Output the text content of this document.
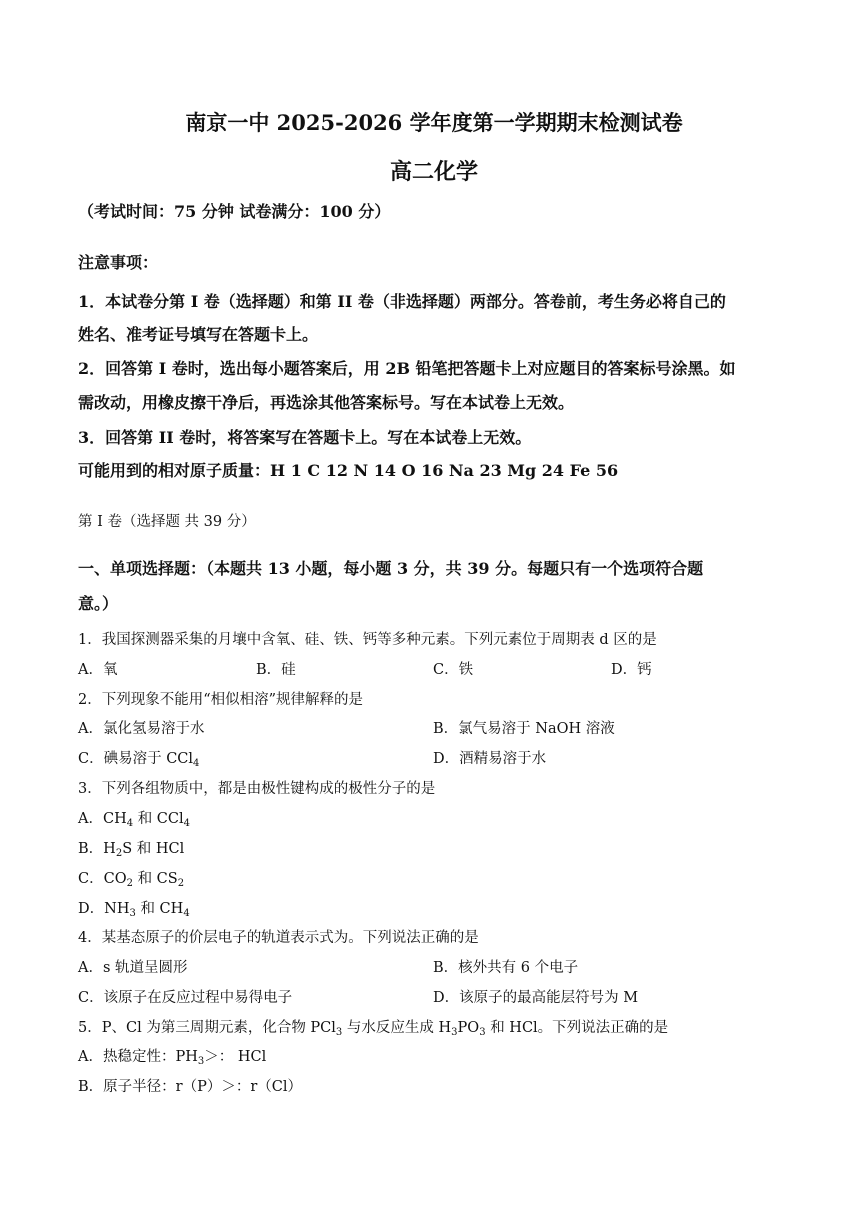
南京一中 2025-2026 学年度第一学期期末检测试卷
高二化学
（考试时间：75 分钟 试卷满分：100 分）
注意事项：
1．本试卷分第 I 卷（选择题）和第 II 卷（非选择题）两部分。答卷前，考生务必将自己的
姓名、准考证号填写在答题卡上。
2．回答第 I 卷时，选出每小题答案后，用 2B 铅笔把答题卡上对应题目的答案标号涂黑。如
需改动，用橡皮擦干净后，再选涂其他答案标号。写在本试卷上无效。
3．回答第 II 卷时，将答案写在答题卡上。写在本试卷上无效。
可能用到的相对原子质量：H 1 C 12 N 14 O 16 Na 23 Mg 24 Fe 56
第 I 卷（选择题 共 39 分）
一、单项选择题：（本题共 13 小题，每小题 3 分，共 39 分。每题只有一个选项符合题
意。）
1．我国探测器采集的月壤中含氧、硅、铁、钙等多种元素。下列元素位于周期表 d 区的是
A．氧	B．硅	C．铁	D．钙
2．下列现象不能用“相似相溶”规律解释的是
A．氯化氢易溶于水	B．氯气易溶于 NaOH 溶液
C．碘易溶于 CCl$_4$	D．酒精易溶于水
3．下列各组物质中，都是由极性键构成的极性分子的是
A．$CH_4$ 和 CCl$_4$
B．$H_2S$ 和 HCl
C．$CO_2$ 和 $CS_2$
D．$NH_3$ 和 $CH_4$
4．某基态原子的价层电子的轨道表示式为。下列说法正确的是
A．s 轨道呈圆形	B．核外共有 6 个电子
C．该原子在反应过程中易得电子	D．该原子的最高能层符号为 M
5．P、Cl 为第三周期元素，化合物 PCl$_3$ 与水反应生成 $H_3PO_3$ 和 HCl。下列说法正确的是
A．热稳定性：$PH_3>$： HCl
B．原子半径：r（P）＞：r（Cl）
